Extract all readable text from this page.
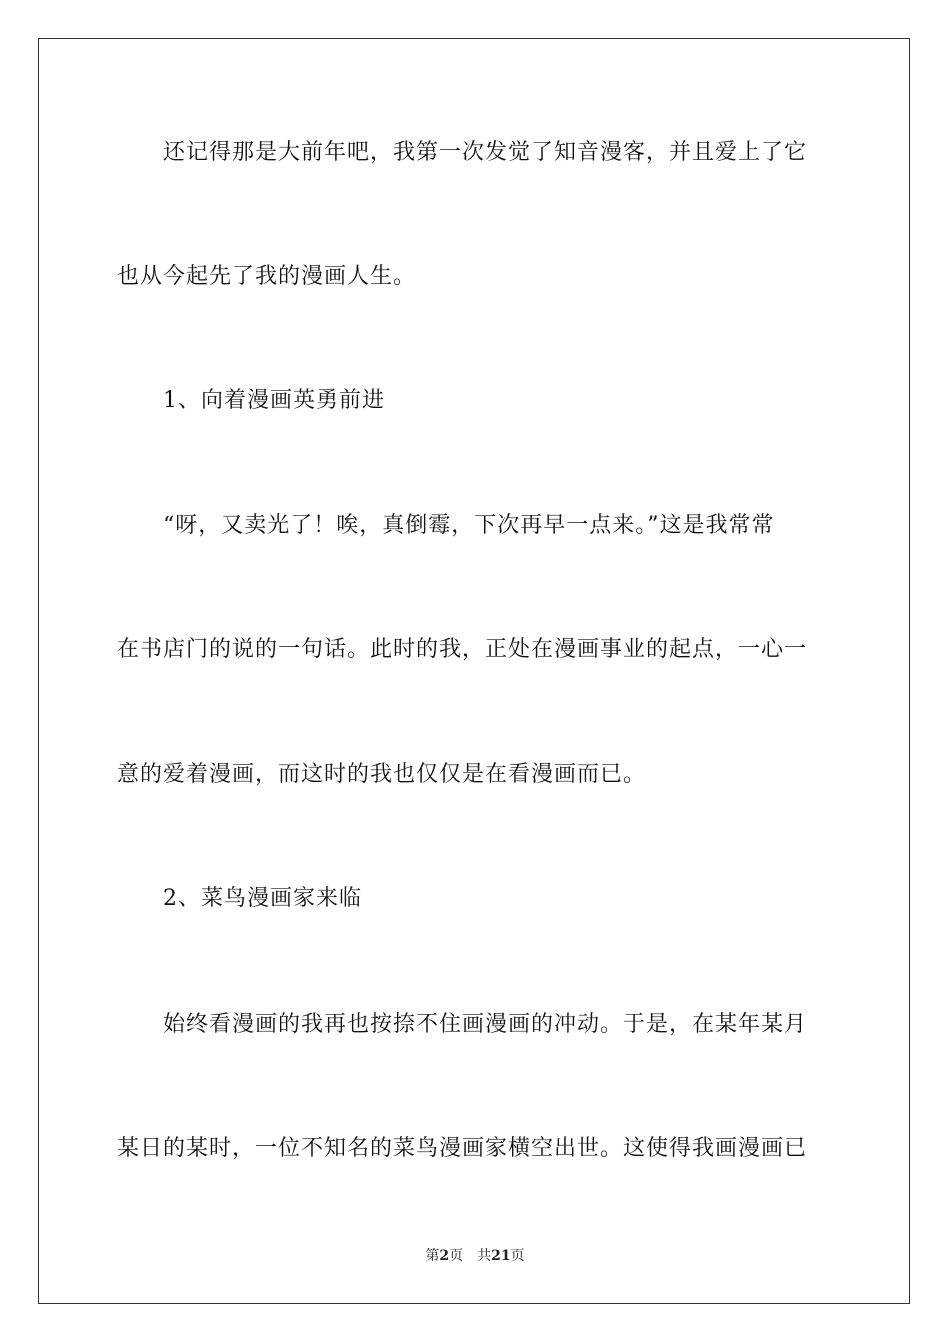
还记得那是大前年吧，我第一次发觉了知音漫客，并且爱上了它
也从今起先了我的漫画人生。
1、向着漫画英勇前进
“呀，又卖光了！唉，真倒霉，下次再早一点来。”这是我常常
在书店门的说的一句话。此时的我，正处在漫画事业的起点，一心一
意的爱着漫画，而这时的我也仅仅是在看漫画而已。
2、菜鸟漫画家来临
始终看漫画的我再也按捺不住画漫画的冲动。于是，在某年某月
某日的某时，一位不知名的菜鸟漫画家横空出世。这使得我画漫画已
第2页 共21页
